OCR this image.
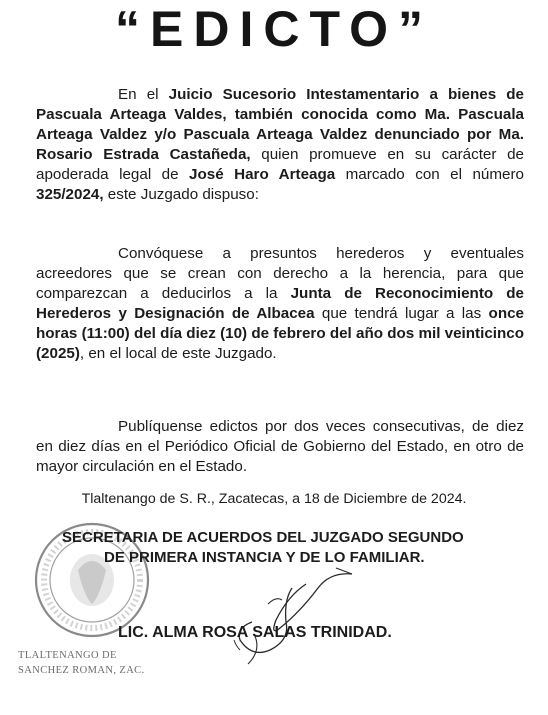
“EDICTO”
En el Juicio Sucesorio Intestamentario a bienes de Pascuala Arteaga Valdes, también conocida como Ma. Pascuala Arteaga Valdez y/o Pascuala Arteaga Valdez denunciado por Ma. Rosario Estrada Castañeda, quien promueve en su carácter de apoderada legal de José Haro Arteaga marcado con el número 325/2024, este Juzgado dispuso:
Convóquese a presuntos herederos y eventuales acreedores que se crean con derecho a la herencia, para que comparezcan a deducirlos a la Junta de Reconocimiento de Herederos y Designación de Albacea que tendrá lugar a las once horas (11:00) del día diez (10) de febrero del año dos mil veinticinco (2025), en el local de este Juzgado.
Publíquense edictos por dos veces consecutivas, de diez en diez días en el Periódico Oficial de Gobierno del Estado, en otro de mayor circulación en el Estado.
Tlaltenango de S. R., Zacatecas, a 18 de Diciembre de 2024.
SECRETARIA DE ACUERDOS DEL JUZGADO SEGUNDO
DE PRIMERA INSTANCIA Y DE LO FAMILIAR.
LIC. ALMA ROSA SALAS TRINIDAD.
TLALTENANGO DE
SANCHEZ ROMAN, ZAC.
